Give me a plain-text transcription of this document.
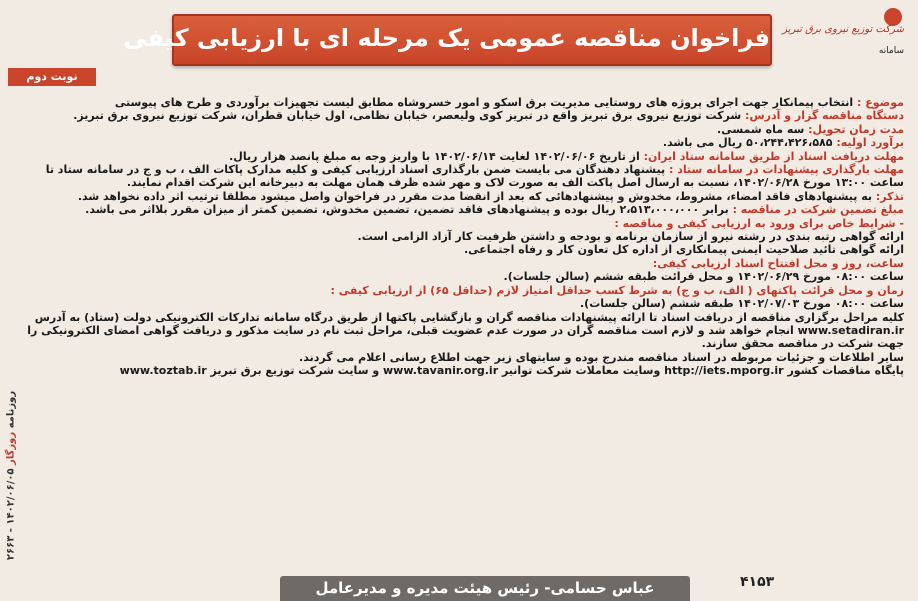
شرکت توزیع نیروی برق تبریز
سامانه
فراخوان مناقصه عمومی یک مرحله ای با ارزیابی کیفی
نوبت دوم

موضوع : انتخاب پیمانکار جهت اجرای پروژه های روستایی مدیریت برق اسکو و امور خسروشاه مطابق لیست تجهیزات برآوردی و طرح های پیوستی

دستگاه مناقصه گزار و آدرس: شرکت توزیع نیروی برق تبریز واقع در تبریز کوی ولیعصر، خیابان نظامی، اول خیابان قطران، شرکت توزیع نیروی برق تبریز.

مدت زمان تحویل: سه ماه شمسی.

برآورد اولیه: ۵۰،۲۴۴،۴۲۶،۵۸۵ ریال می باشد.

مهلت دریافت اسناد از طریق سامانه ستاد ایران: از تاریخ ۱۴۰۲/۰۶/۰۶ لغایت ۱۴۰۲/۰۶/۱۴ با واریز وجه به مبلغ پانصد هزار ریال.

مهلت بارگذاری پیشنهادات در سامانه ستاد : پیشنهاد دهندگان می بایست ضمن بارگذاری اسناد ارزیابی کیفی و کلیه مدارک پاکات الف ، ب و ج در سامانه ستاد تا ساعت ۱۳:۰۰ مورخ ۱۴۰۲/۰۶/۲۸، نسبت به ارسال اصل پاکت الف به صورت لاک و مهر شده ظرف همان مهلت به دبیرخانه این شرکت اقدام نمایند.

تذکر: به پیشنهادهای فاقد امضاء، مشروط، مخدوش و پیشنهادهائی که بعد از انقضا مدت مقرر در فراخوان واصل میشود مطلقا ترتیب اثر داده نخواهد شد.

مبلغ تضمین شرکت در مناقصه : برابر ۲،۵۱۳،۰۰۰،۰۰۰ ریال بوده و پیشنهادهای فاقد تضمین، تضمین مخدوش، تضمین کمتر از میزان مقرر بلااثر می باشد.

- شرایط خاص برای ورود به ارزیابی کیفی و مناقصه :

ارائه گواهی رتبه بندی در رشته نیرو از سازمان برنامه و بودجه و داشتن ظرفیت کار آزاد الزامی است.

ارائه گواهی تائید صلاحیت ایمنی پیمانکاری از اداره کل تعاون کار و رفاه اجتماعی.

ساعت، روز و محل افتتاح اسناد ارزیابی کیفی:

ساعت ۰۸:۰۰ مورخ ۱۴۰۲/۰۶/۲۹ و محل قرائت طبقه ششم (سالن جلسات).

زمان و محل قرائت پاکتهای ( الف، ب و ج) به شرط کسب حداقل امتیاز لازم (حداقل ۶۵) از ارزیابی کیفی :

ساعت ۰۸:۰۰ مورخ ۱۴۰۲/۰۷/۰۳ طبقه ششم (سالن جلسات).

کلیه مراحل برگزاری مناقصه از دریافت اسناد تا ارائه پیشنهادات مناقصه گران و بازگشایی پاکتها از طریق درگاه سامانه تدارکات الکترونیکی دولت (ستاد) به آدرس www.setadiran.ir انجام خواهد شد و لازم است مناقصه گران در صورت عدم عضویت قبلی، مراحل ثبت نام در سایت مذکور و دریافت گواهی امضای الکترونیکی را جهت شرکت در مناقصه محقق سازند.

سایر اطلاعات و جزئیات مربوطه در اسناد مناقصه مندرج بوده و سایتهای زیر جهت اطلاع رسانی اعلام می گردند.

پایگاه مناقصات کشور http://iets.mporg.ir وسایت معاملات شرکت توانیر www.tavanir.org.ir و سایت شرکت توزیع برق تبریز www.toztab.ir

روزنامه روزگار ۱۴۰۲/۰۶/۰۵ - ۲۶۶۳
۴۱۵۳
عباس حسامی- رئیس هیئت مدیره و مدیرعامل
